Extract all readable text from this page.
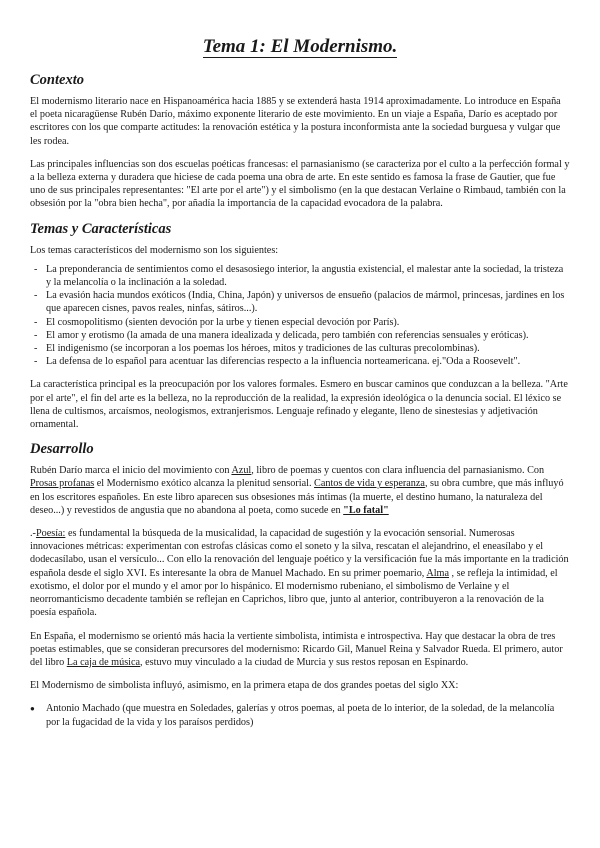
Tema 1: El Modernismo.
Contexto

El modernismo literario nace en Hispanoamérica hacia 1885 y se extenderá hasta 1914 aproximadamente. Lo introduce en España el poeta nicaragüense Rubén Darío, máximo exponente literario de este movimiento. En un viaje a España, Darío es aceptado por escritores con los que comparte actitudes: la renovación estética y la postura inconformista ante la sociedad burguesa y vulgar que les rodea.

Las principales influencias son dos escuelas poéticas francesas: el parnasianismo (se caracteriza por el culto a la perfección formal y a la belleza externa y duradera que hiciese de cada poema una obra de arte. En este sentido es famosa la frase de Gautier, que fue uno de sus principales representantes: "El arte por el arte") y el simbolismo (en la que destacan Verlaine o Rimbaud, también con la obsesión por la "obra bien hecha", por añadía la importancia de la capacidad evocadora de la palabra.

Temas y Características

Los temas característicos del modernismo son los siguientes:

- La preponderancia de sentimientos como el desasosiego interior, la angustia existencial, el malestar ante la sociedad, la tristeza y la melancolía o la inclinación a la soledad.
- La evasión hacia mundos exóticos (India, China, Japón) y universos de ensueño (palacios de mármol, princesas, jardines en los que aparecen cisnes, pavos reales, ninfas, sátiros...).
- El cosmopolitismo (sienten devoción por la urbe y tienen especial devoción por París).
- El amor y erotismo (la amada de una manera idealizada y delicada, pero también con referencias sensuales y eróticas).
- El indigenismo (se incorporan a los poemas los héroes, mitos y tradiciones de las culturas precolombinas).
- La defensa de lo español para acentuar las diferencias respecto a la influencia norteamericana. ej."Oda a Roosevelt".

La característica principal es la preocupación por los valores formales. Esmero en buscar caminos que conduzcan a la belleza. "Arte por el arte", el fin del arte es la belleza, no la reproducción de la realidad, la expresión ideológica o la denuncia social. El léxico se llena de cultismos, arcaísmos, neologismos, extranjerismos. Lenguaje refinado y elegante, lleno de sinestesias y adjetivación ornamental.

Desarrollo

Rubén Darío marca el inicio del movimiento con Azul, libro de poemas y cuentos con clara influencia del parnasianismo. Con Prosas profanas el Modernismo exótico alcanza la plenitud sensorial. Cantos de vida y esperanza, su obra cumbre, que más influyó en los escritores españoles. En este libro aparecen sus obsesiones más íntimas (la muerte, el destino humano, la naturaleza del deseo...) y revestidos de angustia que no abandona al poeta, como sucede en "Lo fatal"

.-Poesía: es fundamental la búsqueda de la musicalidad, la capacidad de sugestión y la evocación sensorial. Numerosas innovaciones métricas: experimentan con estrofas clásicas como el soneto y la silva, rescatan el alejandrino, el eneasílabo y el dodecasílabo, usan el versículo... Con ello la renovación del lenguaje poético y la versificación fue la más importante en la tradición española desde el siglo XVI. Es interesante la obra de Manuel Machado. En su primer poemario, Alma , se refleja la intimidad, el exotismo, el dolor por el mundo y el amor por lo hispánico. El modernismo rubeniano, el simbolismo de Verlaine y el neorromanticismo decadente también se reflejan en Caprichos, libro que, junto al anterior, contribuyeron a la renovación de la poesía española.

En España, el modernismo se orientó más hacia la vertiente simbolista, intimista e introspectiva. Hay que destacar la obra de tres poetas estimables, que se consideran precursores del modernismo: Ricardo Gil, Manuel Reina y Salvador Rueda. El primero, autor del libro La caja de música, estuvo muy vinculado a la ciudad de Murcia y sus restos reposan en Espinardo.

El Modernismo de simbolista influyó, asimismo, en la primera etapa de dos grandes poetas del siglo XX:

● Antonio Machado (que muestra en Soledades, galerías y otros poemas, al poeta de lo interior, de la soledad, de la melancolía por la fugacidad de la vida y los paraísos perdidos)
